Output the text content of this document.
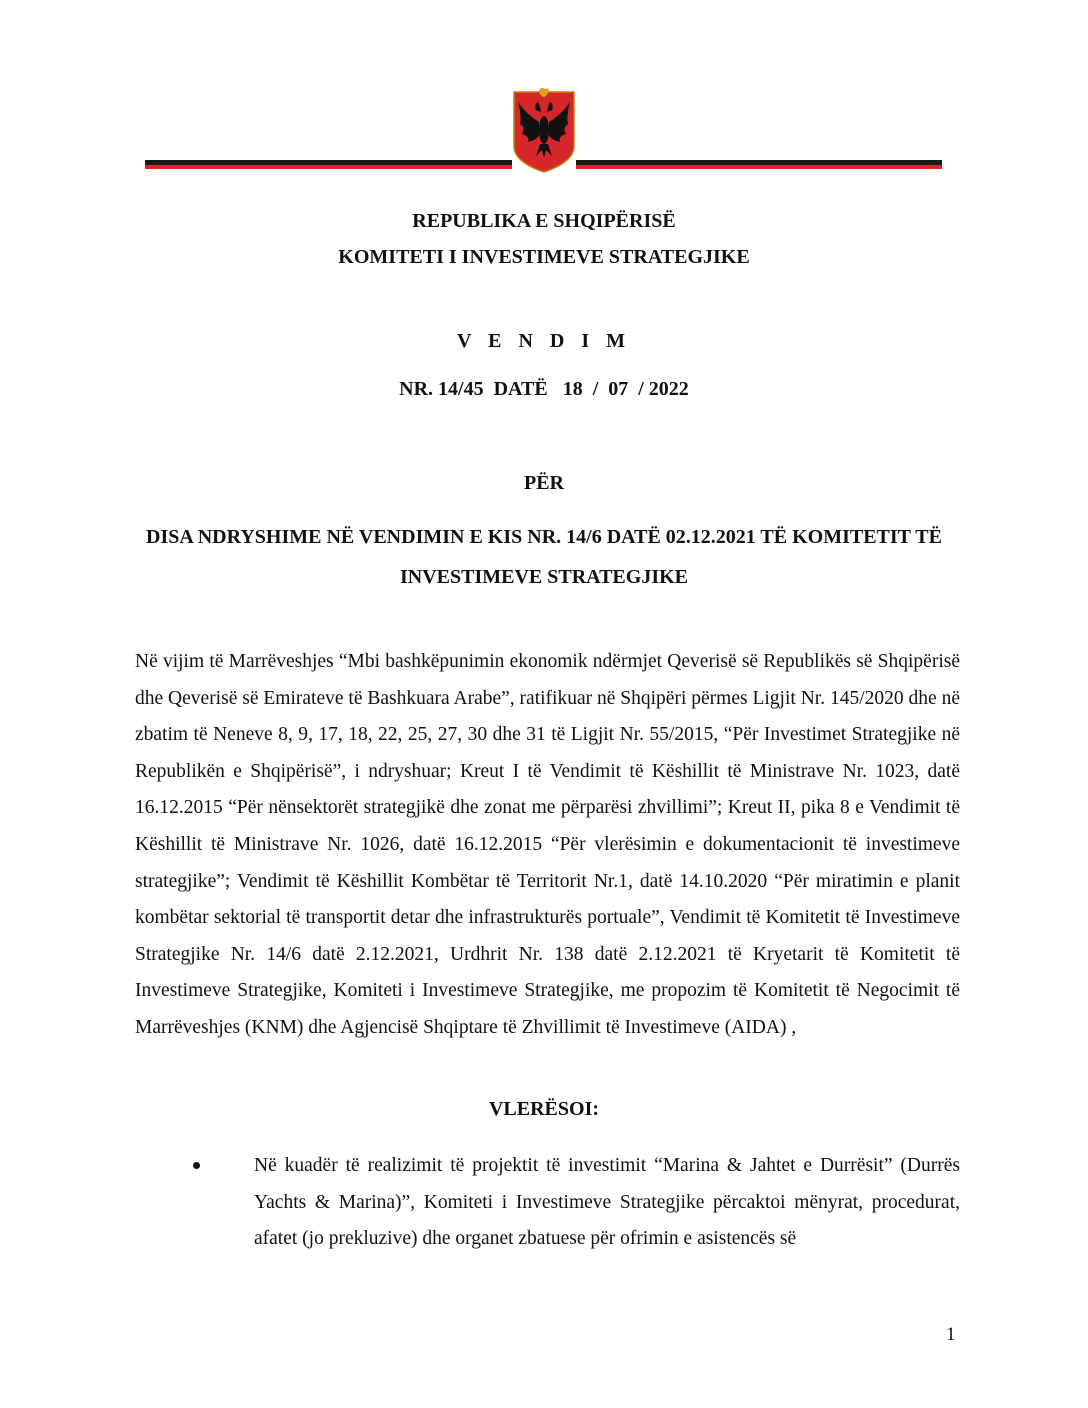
REPUBLIKA E SHQIPËRISË
KOMITETI I INVESTIMEVE STRATEGJIKE
V E N D I M
NR. 14/45  DATË   18  /  07  / 2022
PËR
DISA NDRYSHIME NË VENDIMIN E KIS NR. 14/6 DATË 02.12.2021 TË KOMITETIT TË INVESTIMEVE STRATEGJIKE
Në vijim të Marrëveshjes “Mbi bashkëpunimin ekonomik ndërmjet Qeverisë së Republikës së Shqipërisë dhe Qeverisë së Emirateve të Bashkuara Arabe”, ratifikuar në Shqipëri përmes Ligjit Nr. 145/2020 dhe në zbatim të Neneve 8, 9, 17, 18, 22, 25, 27, 30 dhe 31 të Ligjit Nr. 55/2015, “Për Investimet Strategjike në Republikën e Shqipërisë”, i ndryshuar; Kreut I të Vendimit të Këshillit të Ministrave Nr. 1023, datë 16.12.2015 “Për nënsektorët strategjikë dhe zonat me përparësi zhvillimi”; Kreut II, pika 8 e Vendimit të Këshillit të Ministrave Nr. 1026, datë 16.12.2015 “Për vlerësimin e dokumentacionit të investimeve strategjike”; Vendimit të Këshillit Kombëtar të Territorit Nr.1, datë 14.10.2020 “Për miratimin e planit kombëtar sektorial të transportit detar dhe infrastrukturës portuale”, Vendimit të Komitetit të Investimeve Strategjike Nr. 14/6 datë 2.12.2021, Urdhrit Nr. 138 datë 2.12.2021 të Kryetarit të Komitetit të Investimeve Strategjike, Komiteti i Investimeve Strategjike, me propozim të Komitetit të Negocimit të Marrëveshjes (KNM) dhe Agjencisë Shqiptare të Zhvillimit të Investimeve (AIDA) ,
VLERËSOI:
Në kuadër të realizimit të projektit të investimit “Marina & Jahtet e Durrësit” (Durrës Yachts & Marina)”, Komiteti i Investimeve Strategjike përcaktoi mënyrat, procedurat, afatet (jo prekluzive) dhe organet zbatuese për ofrimin e asistencës së
1
